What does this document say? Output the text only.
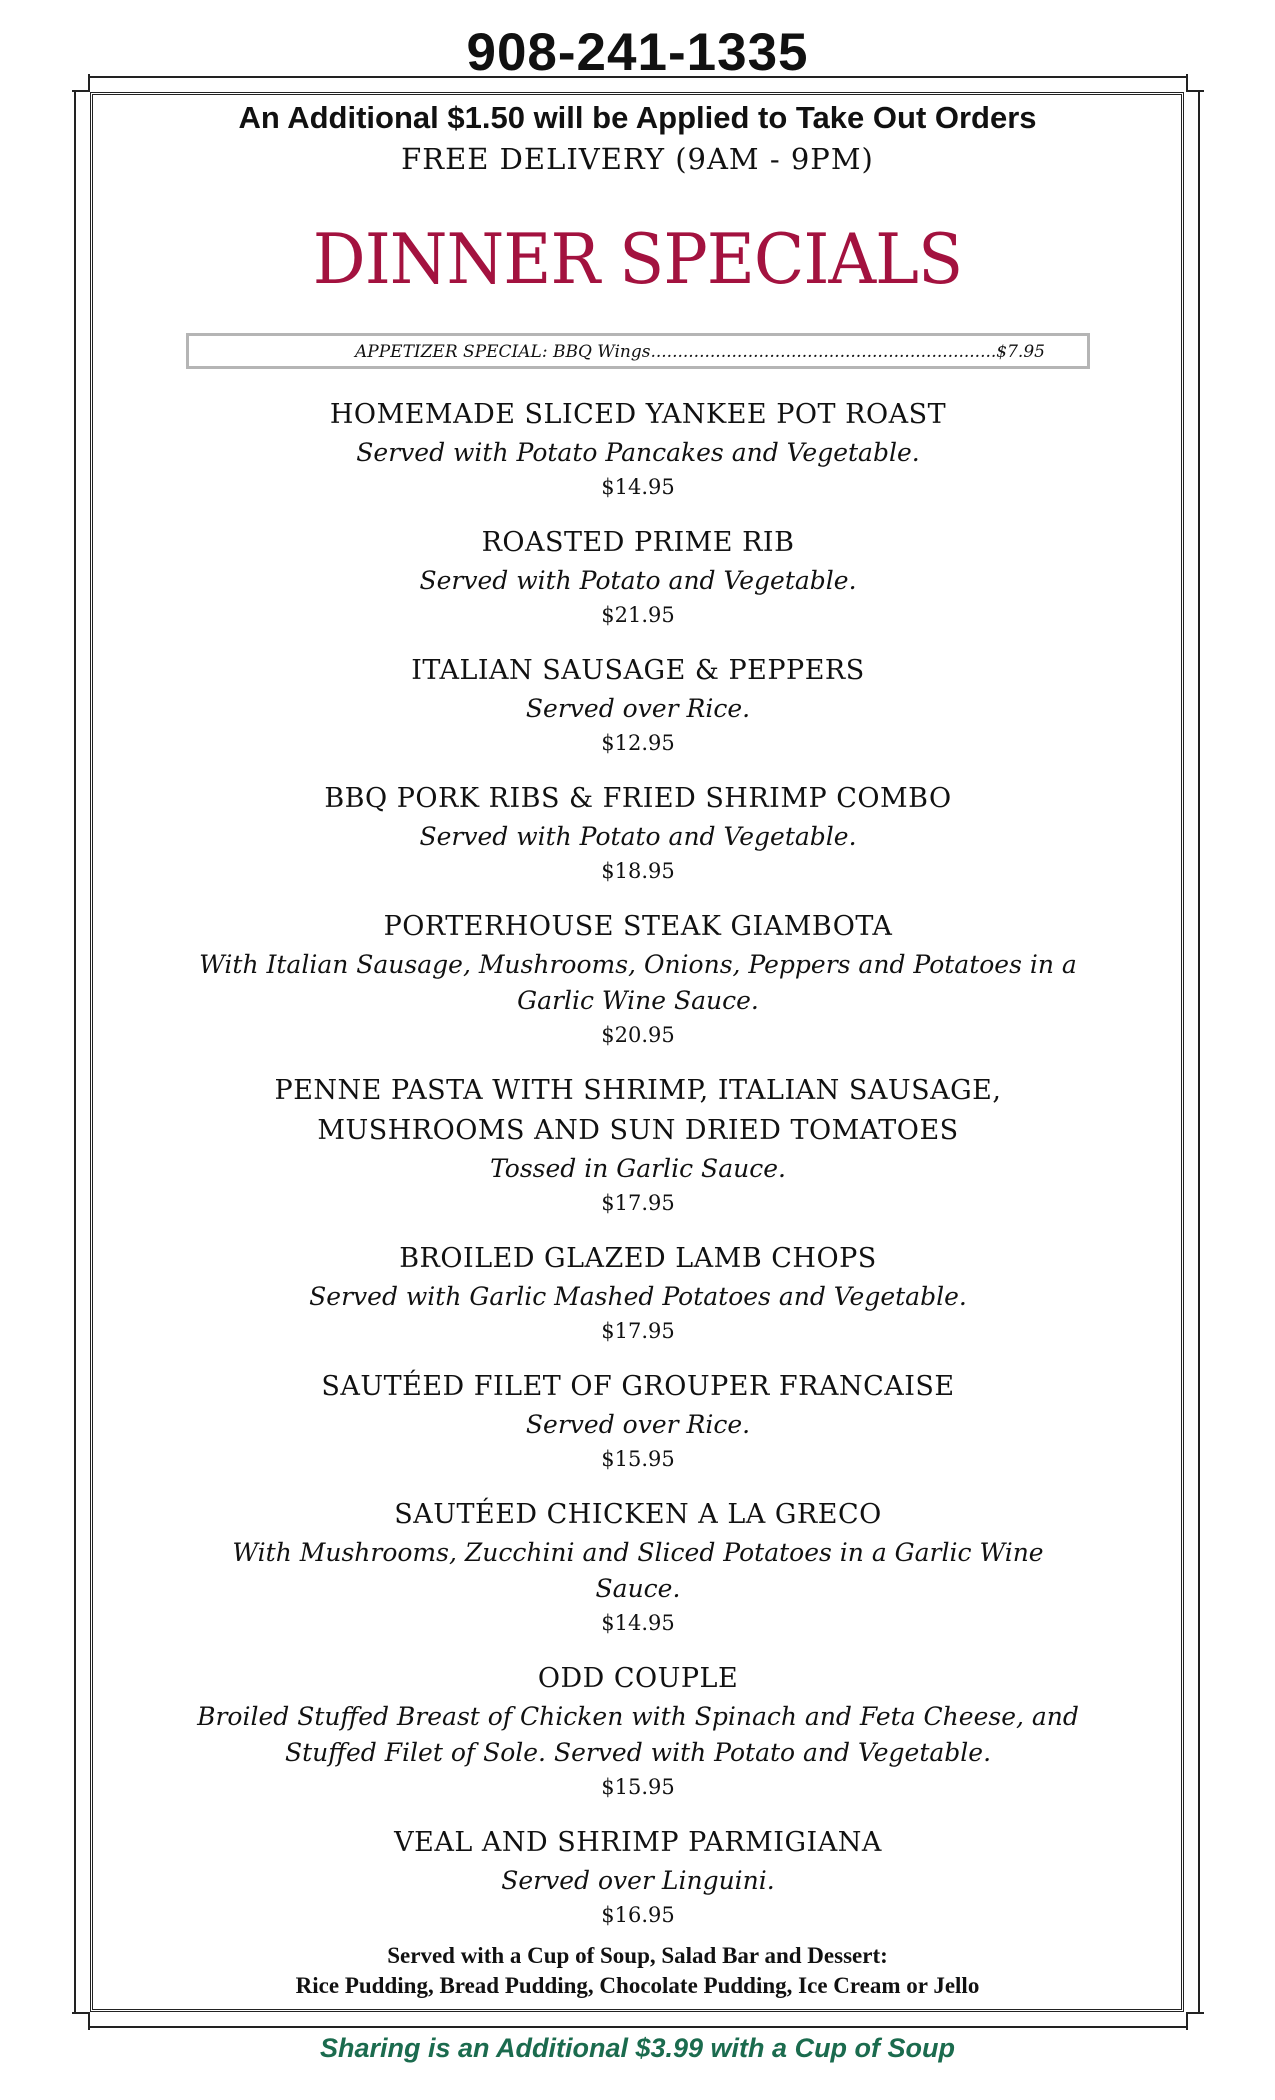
908-241-1335
An Additional $1.50 will be Applied to Take Out Orders
FREE DELIVERY (9AM - 9PM)
DINNER SPECIALS
APPETIZER SPECIAL: BBQ Wings................................................................$7.95
HOMEMADE SLICED YANKEE POT ROAST
Served with Potato Pancakes and Vegetable.
$14.95
ROASTED PRIME RIB
Served with Potato and Vegetable.
$21.95
ITALIAN SAUSAGE & PEPPERS
Served over Rice.
$12.95
BBQ PORK RIBS & FRIED SHRIMP COMBO
Served with Potato and Vegetable.
$18.95
PORTERHOUSE STEAK GIAMBOTA
With Italian Sausage, Mushrooms, Onions, Peppers and Potatoes in a Garlic Wine Sauce.
$20.95
PENNE PASTA WITH SHRIMP, ITALIAN SAUSAGE, MUSHROOMS AND SUN DRIED TOMATOES
Tossed in Garlic Sauce.
$17.95
BROILED GLAZED LAMB CHOPS
Served with Garlic Mashed Potatoes and Vegetable.
$17.95
SAUTÉED FILET OF GROUPER FRANCAISE
Served over Rice.
$15.95
SAUTÉED CHICKEN A LA GRECO
With Mushrooms, Zucchini and Sliced Potatoes in a Garlic Wine Sauce.
$14.95
ODD COUPLE
Broiled Stuffed Breast of Chicken with Spinach and Feta Cheese, and Stuffed Filet of Sole. Served with Potato and Vegetable.
$15.95
VEAL AND SHRIMP PARMIGIANA
Served over Linguini.
$16.95
Served with a Cup of Soup, Salad Bar and Dessert:
Rice Pudding, Bread Pudding, Chocolate Pudding, Ice Cream or Jello
Sharing is an Additional $3.99 with a Cup of Soup
